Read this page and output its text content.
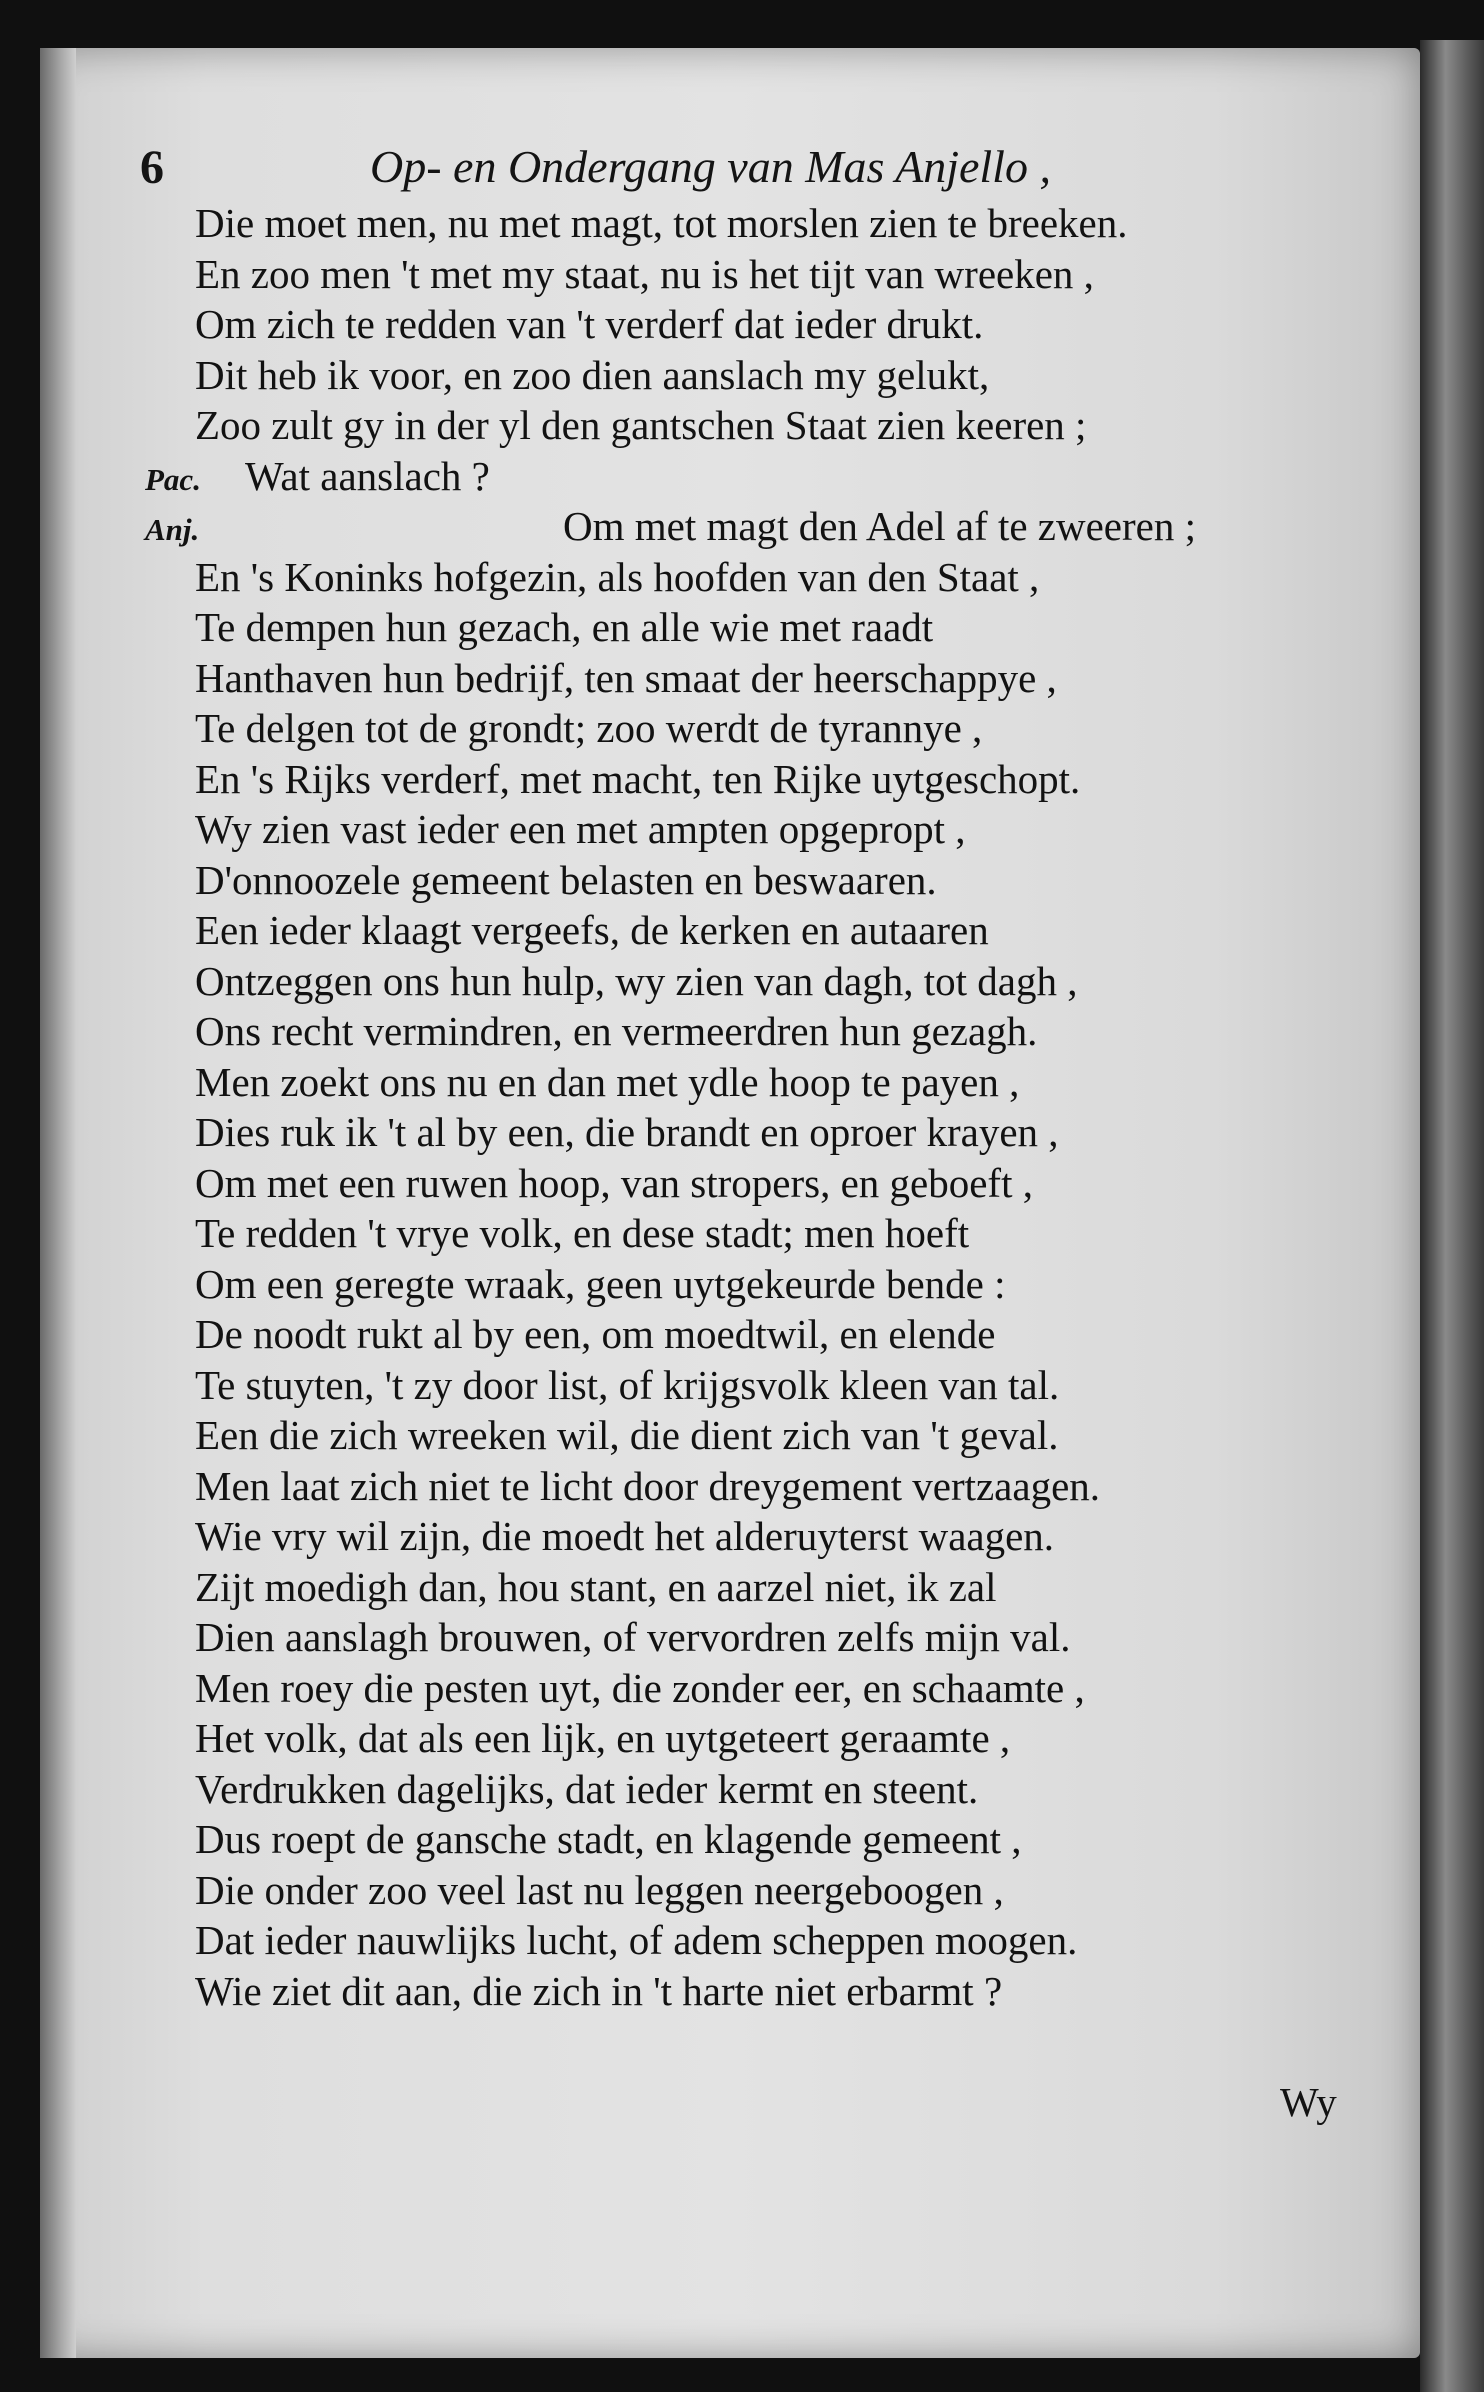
6	Op- en Ondergang van Mas Anjello ,
Die moet men, nu met magt, tot morslen zien te breeken.
En zoo men 't met my staat, nu is het tijt van wreeken ,
Om zich te redden van 't verderf dat ieder drukt.
Dit heb ik voor, en zoo dien aanslach my gelukt,
Zoo zult gy in der yl den gantschen Staat zien keeren ;
Pac. Wat aanslach ?
Anj.	Om met magt den Adel af te zweeren ;
En 's Koninks hofgezin, als hoofden van den Staat ,
Te dempen hun gezach, en alle wie met raadt
Hanthaven hun bedrijf, ten smaat der heerschappye ,
Te delgen tot de grondt; zoo werdt de tyrannye ,
En 's Rijks verderf, met macht, ten Rijke uytgeschopt.
Wy zien vast ieder een met ampten opgepropt ,
D'onnoozele gemeent belasten en beswaaren.
Een ieder klaagt vergeefs, de kerken en autaaren
Ontzeggen ons hun hulp, wy zien van dagh, tot dagh ,
Ons recht vermindren, en vermeerdren hun gezagh.
Men zoekt ons nu en dan met ydle hoop te payen ,
Dies ruk ik 't al by een, die brandt en oproer krayen ,
Om met een ruwen hoop, van stropers, en geboeft ,
Te redden 't vrye volk, en dese stadt; men hoeft
Om een geregte wraak, geen uytgekeurde bende :
De noodt rukt al by een, om moedtwil, en elende
Te stuyten, 't zy door list, of krijgsvolk kleen van tal.
Een die zich wreeken wil, die dient zich van 't geval.
Men laat zich niet te licht door dreygement vertzaagen.
Wie vry wil zijn, die moedt het alderuyterst waagen.
Zijt moedigh dan, hou stant, en aarzel niet, ik zal
Dien aanslagh brouwen, of vervordren zelfs mijn val.
Men roey die pesten uyt, die zonder eer, en schaamte ,
Het volk, dat als een lijk, en uytgeteert geraamte ,
Verdrukken dagelijks, dat ieder kermt en steent.
Dus roept de gansche stadt, en klagende gemeent ,
Die onder zoo veel last nu leggen neergeboogen ,
Dat ieder nauwlijks lucht, of adem scheppen moogen.
Wie ziet dit aan, die zich in 't harte niet erbarmt ?
Wy
